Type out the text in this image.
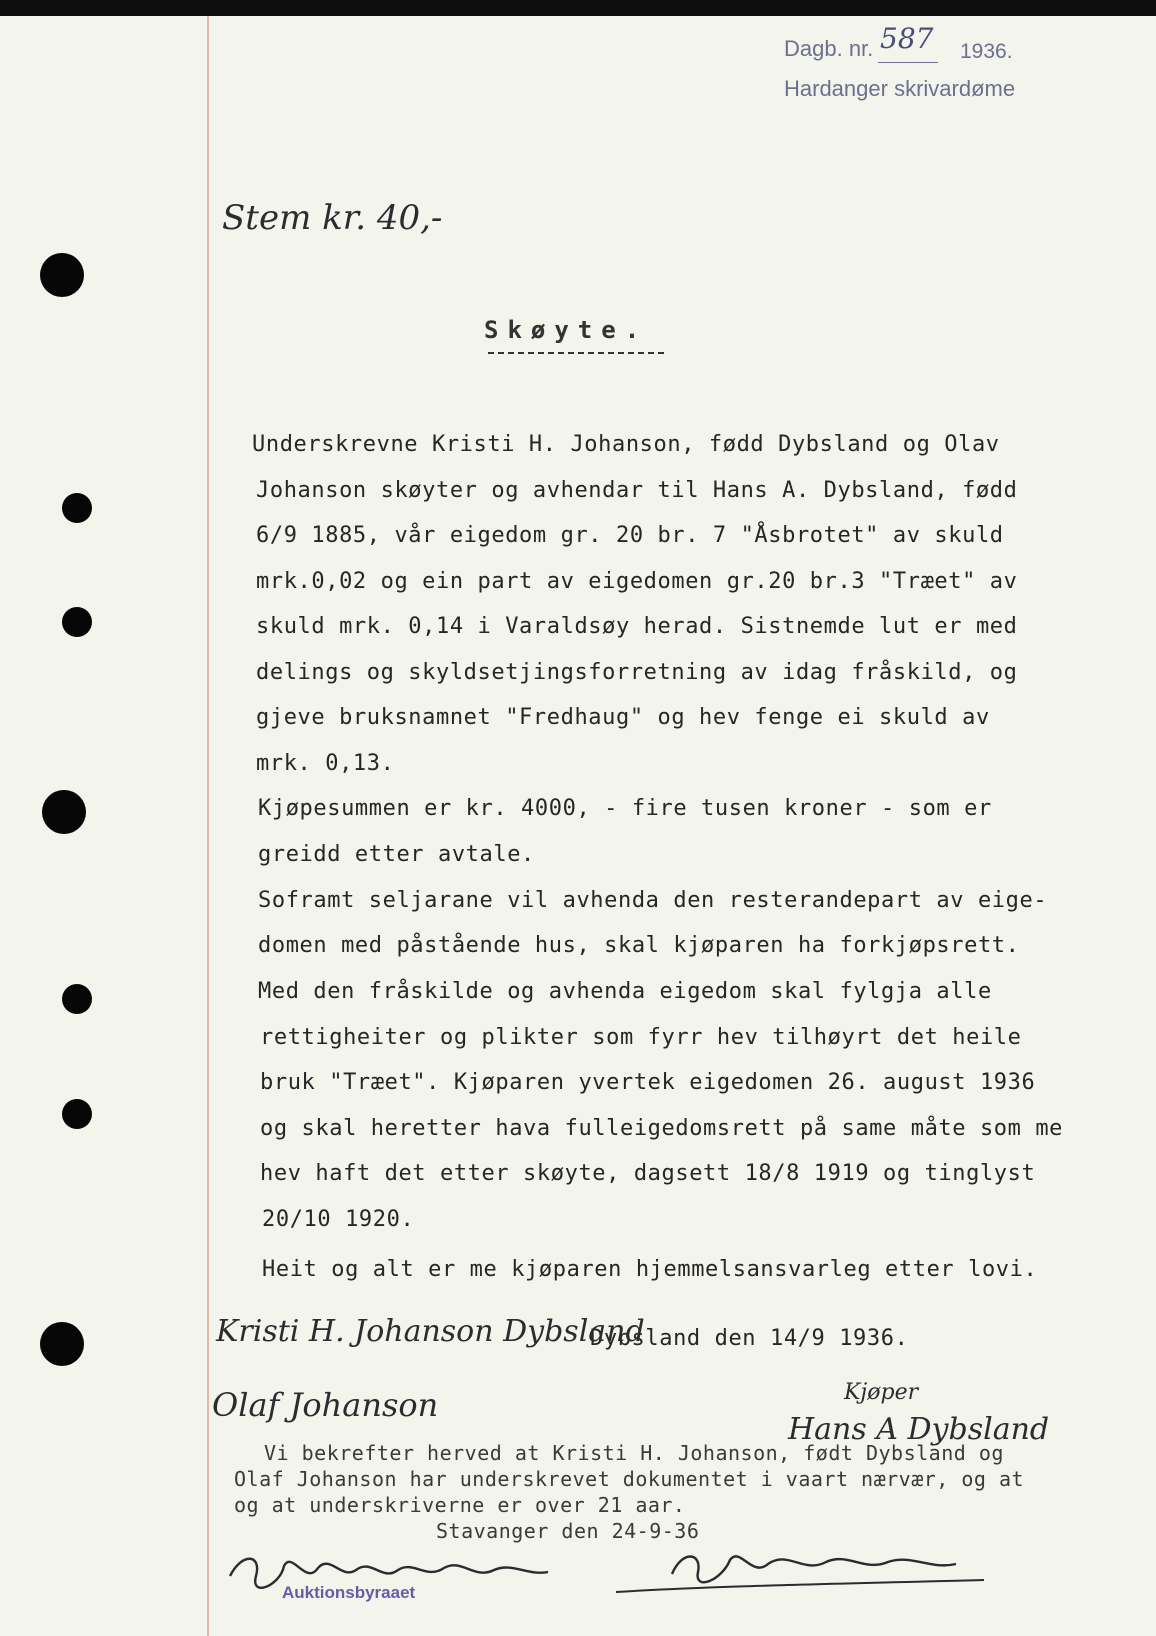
Dagb. nr. 587 1936.
Hardanger skrivardøme
Stem kr. 40,-
Skøyte.
Underskrevne Kristi H. Johanson, fødd Dybsland og Olav
Johanson skøyter og avhendar til Hans A. Dybsland, fødd
6/9 1885, vår eigedom gr. 20 br. 7 "Åsbrotet" av skuld
mrk.0,02 og ein part av eigedomen gr.20 br.3 "Træet" av
skuld mrk. 0,14 i Varaldsøy herad. Sistnemde lut er med
delings og skyldsetjingsforretning av idag fråskild, og
gjeve bruksnamnet "Fredhaug" og hev fenge ei skuld av
mrk. 0,13.
Kjøpesummen er kr. 4000, - fire tusen kroner - som er
greidd etter avtale.
Soframt seljarane vil avhenda den resterandepart av eige-
domen med påstående hus, skal kjøparen ha forkjøpsrett.
Med den fråskilde og avhenda eigedom skal fylgja alle
rettigheiter og plikter som fyrr hev tilhøyrt det heile
bruk "Træet". Kjøparen yvertek eigedomen 26. august 1936
og skal heretter hava fulleigedomsrett på same måte som me
hev haft det etter skøyte, dagsett 18/8 1919 og tinglyst
20/10 1920.
Heit og alt er me kjøparen hjemmelsansvarleg etter lovi.
Dybsland den 14/9 1936.
Kristi H. Johanson Dybsland
Olaf Johanson	Kjøper
Hans A Dybsland
Vi bekrefter herved at Kristi H. Johanson, født Dybsland og
Olaf Johanson har underskrevet dokumentet i vaart nærvær, og at
og at underskriverne er over 21 aar.
Stavanger den 24-9-36
Auktionsbyraaet
